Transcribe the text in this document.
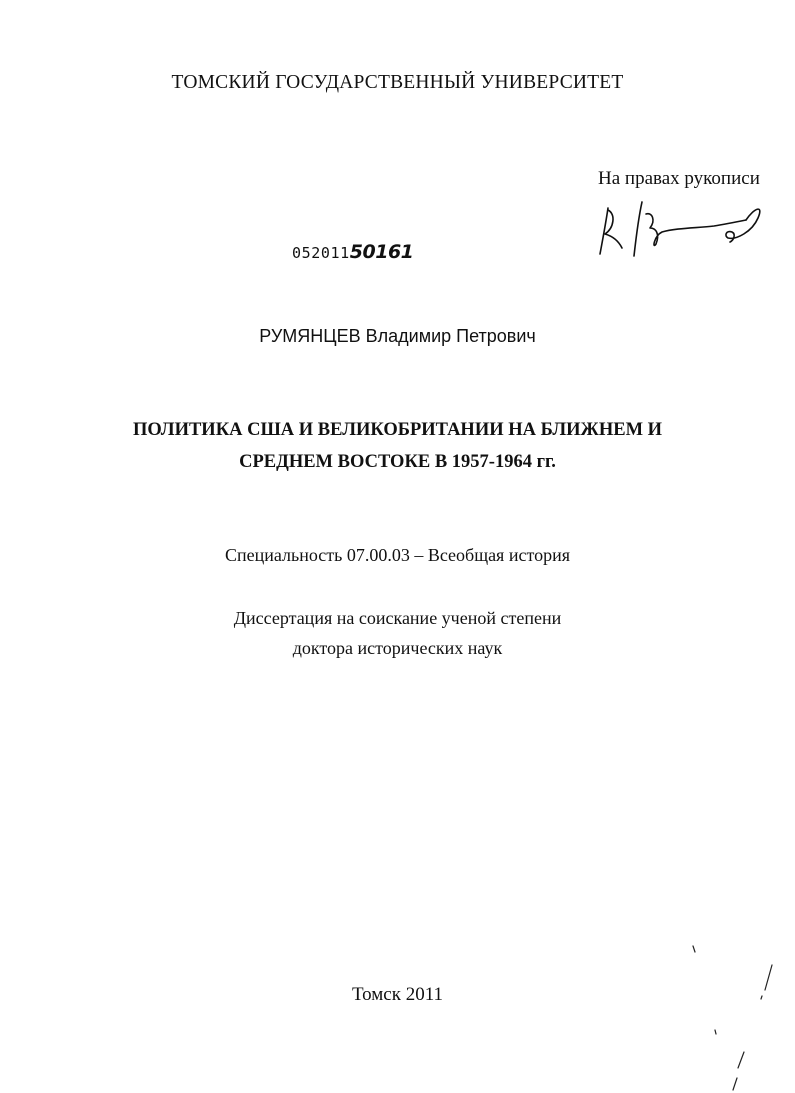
ТОМСКИЙ ГОСУДАРСТВЕННЫЙ УНИВЕРСИТЕТ
На правах рукописи
05201150161
РУМЯНЦЕВ Владимир Петрович
ПОЛИТИКА США И ВЕЛИКОБРИТАНИИ НА БЛИЖНЕМ И
СРЕДНЕМ ВОСТОКЕ В 1957-1964 гг.
Специальность 07.00.03 – Всеобщая история
Диссертация на соискание ученой степени
доктора исторических наук
Томск 2011
